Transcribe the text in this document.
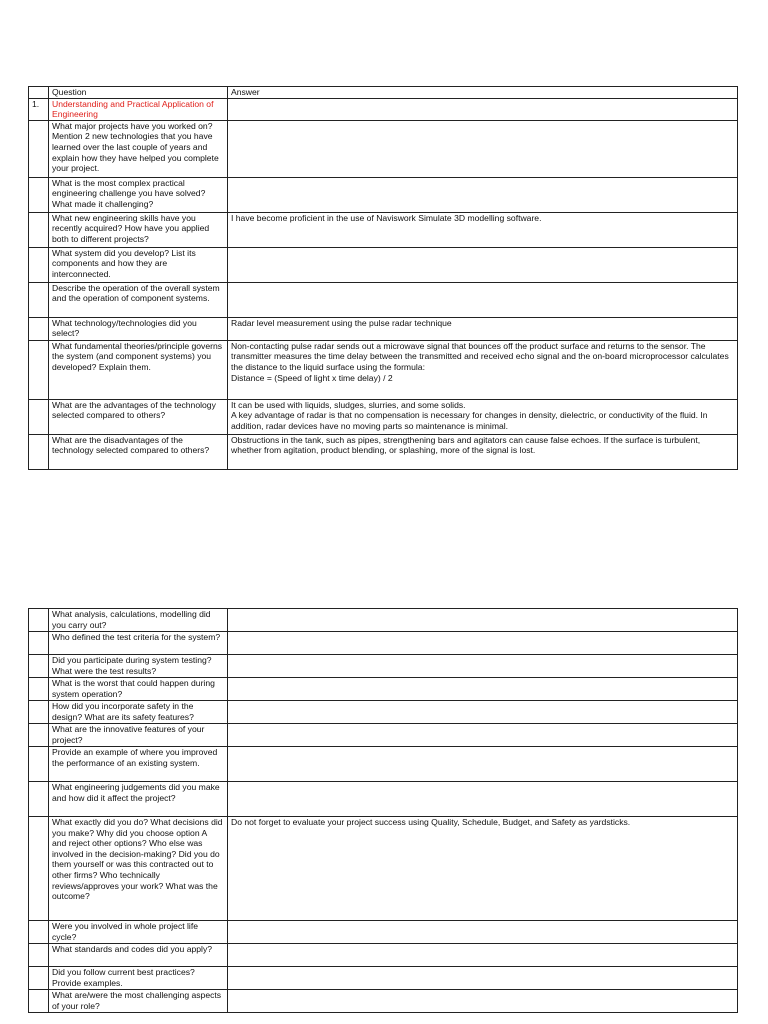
	Question	Answer
1.	Understanding and Practical Application of Engineering	
	What major projects have you worked on? Mention 2 new technologies that you have learned over the last couple of years and explain how they have helped you complete your project.	
	What is the most complex practical engineering challenge you have solved? What made it challenging?	
	What new engineering skills have you recently acquired? How have you applied both to different projects?	I have become proficient in the use of Naviswork Simulate 3D modelling software.
	What system did you develop? List its components and how they are interconnected.	
	Describe the operation of the overall system and the operation of component systems.	
	What technology/technologies did you select?	Radar level measurement using the pulse radar technique
	What fundamental theories/principle governs the system (and component systems) you developed? Explain them.	Non-contacting pulse radar sends out a microwave signal that bounces off the product surface and returns to the sensor. The transmitter measures the time delay between the transmitted and received echo signal and the on-board microprocessor calculates the distance to the liquid surface using the formula:
Distance = (Speed of light x time delay) / 2
	What are the advantages of the technology selected compared to others?	It can be used with liquids, sludges, slurries, and some solids.
A key advantage of radar is that no compensation is necessary for changes in density, dielectric, or conductivity of the fluid. In addition, radar devices have no moving parts so maintenance is minimal.
	What are the disadvantages of the technology selected compared to others?	Obstructions in the tank, such as pipes, strengthening bars and agitators can cause false echoes. If the surface is turbulent, whether from agitation, product blending, or splashing, more of the signal is lost.
	What analysis, calculations, modelling did you carry out?	
	Who defined the test criteria for the system?	
	Did you participate during system testing? What were the test results?	
	What is the worst that could happen during system operation?	
	How did you incorporate safety in the design? What are its safety features?	
	What are the innovative features of your project?	
	Provide an example of where you improved the performance of an existing system.	
	What engineering judgements did you make and how did it affect the project?	
	What exactly did you do? What decisions did you make? Why did you choose option A and reject other options? Who else was involved in the decision-making? Did you do them yourself or was this contracted out to other firms? Who technically reviews/approves your work? What was the outcome?	Do not forget to evaluate your project success using Quality, Schedule, Budget, and Safety as yardsticks.
	Were you involved in whole project life cycle?	
	What standards and codes did you apply?	
	Did you follow current best practices? Provide examples.	
	What are/were the most challenging aspects of your role?	
